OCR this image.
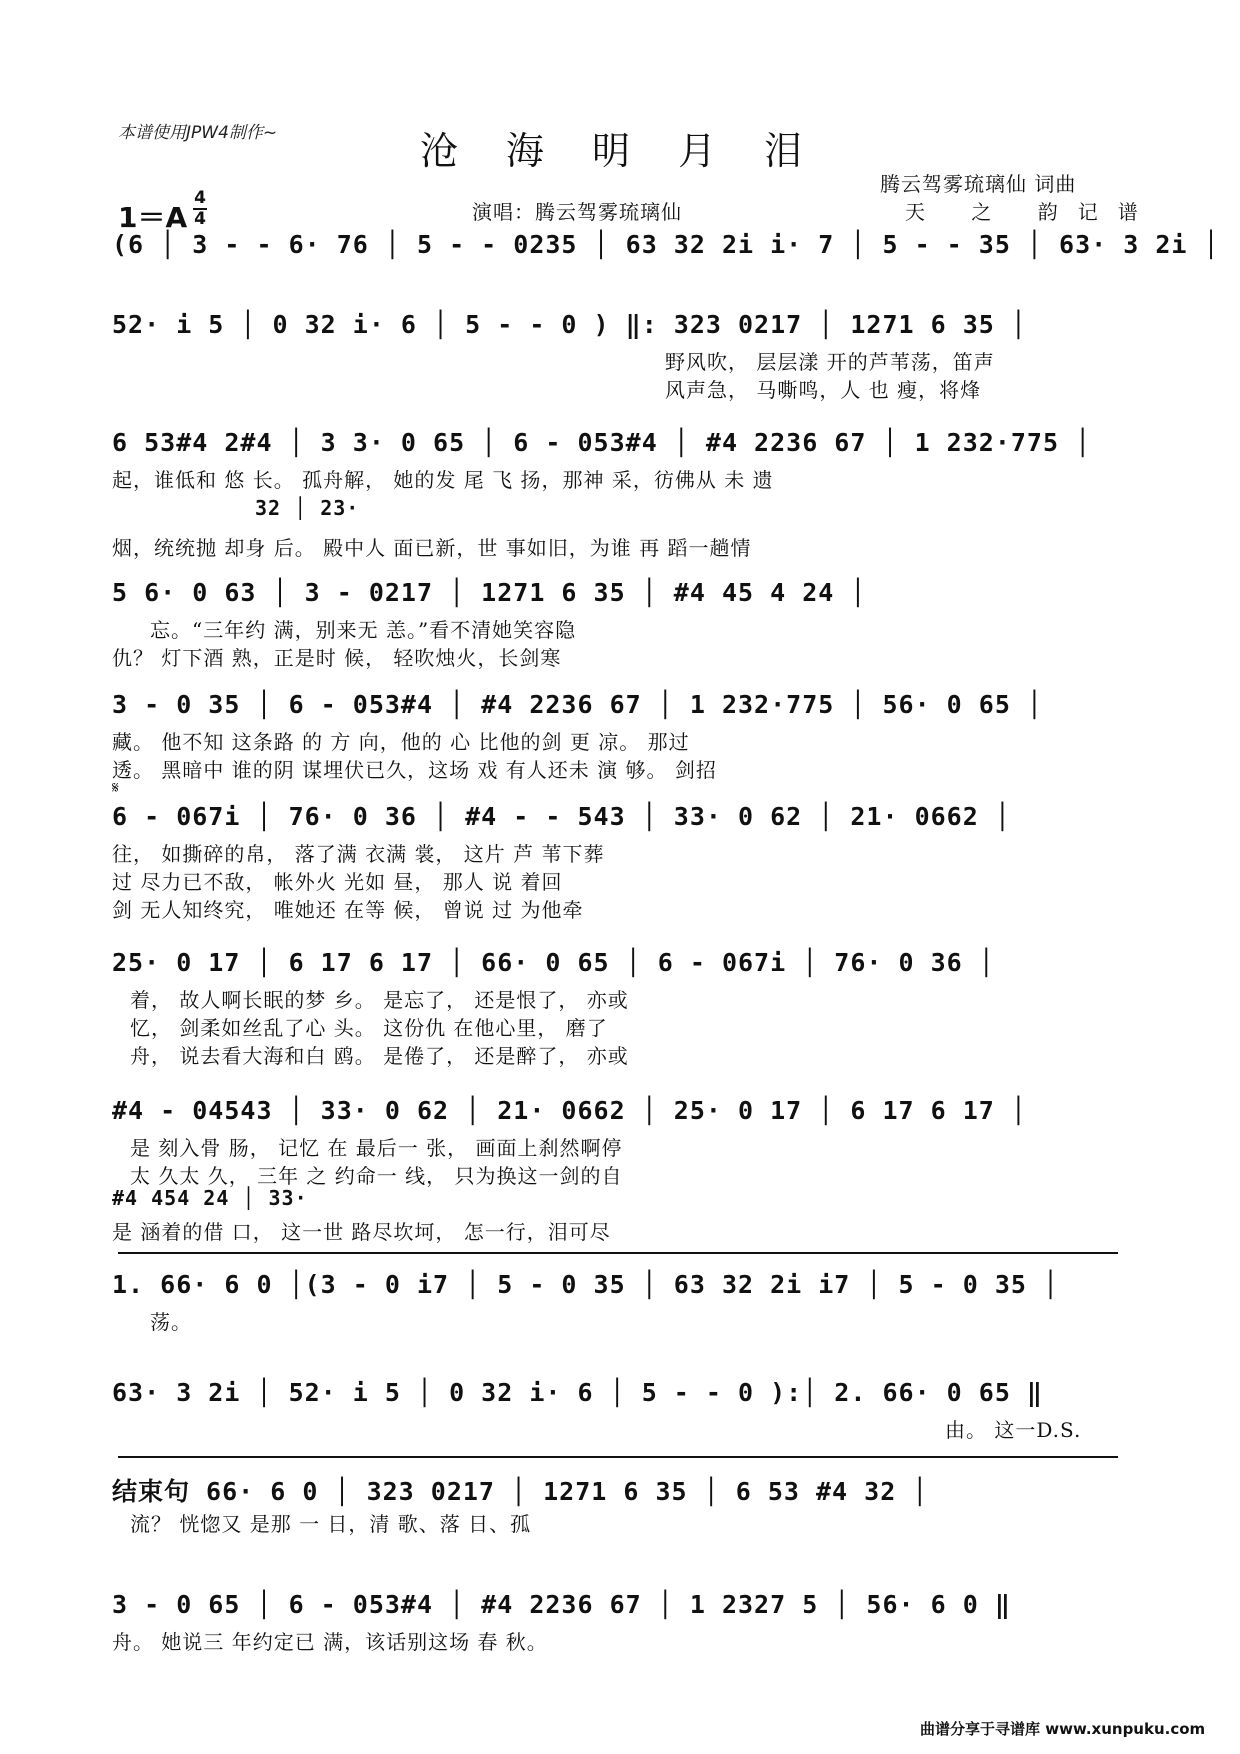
本谱使用JPW4制作~	沧 海 明 月 泪
腾云驾雾琉璃仙 词曲
演唱：腾云驾雾琉璃仙	天 之 韵记谱
1＝A
4
4
(6 │ 3 - - 6· 76 │ 5 - - 0235 │ 63 32 2i i· 7 │ 5 - - 35 │ 63· 3 2i │
52· i 5 │ 0 32 i· 6 │ 5 - - 0 ) ‖: 323 0217 │ 1271 6 35 │
野风吹， 层层漾 开的芦苇荡，笛声
风声急， 马嘶鸣，人 也 瘦，将烽
6 53#4 2#4 │ 3 3· 0 65 │ 6 - 053#4 │ #4 2236 67 │ 1 232·775 │
起，谁低和 悠 长。 孤舟解， 她的发 尾 飞 扬，那神 采，彷佛从 未 遗
32 │ 23·
烟，统统抛 却身 后。 殿中人 面已新，世 事如旧，为谁 再 蹈一趟情
5 6· 0 63 │ 3 - 0217 │ 1271 6 35 │ #4 45 4 24 │
忘。“三年约 满，别来无 恙。”看不清她笑容隐
仇？ 灯下酒 熟，正是时 候， 轻吹烛火，长剑寒
3 - 0 35 │ 6 - 053#4 │ #4 2236 67 │ 1 232·775 │ 56· 0 65 │
藏。 他不知 这条路 的 方 向，他的 心 比他的剑 更 凉。 那过
透。 黑暗中 谁的阴 谋埋伏已久，这场 戏 有人还未 演 够。 剑招
𝄋
6 - 067i │ 76· 0 36 │ #4 - - 543 │ 33· 0 62 │ 21· 0662 │
往， 如撕碎的帛， 落了满 衣满 裳， 这片 芦 苇下葬
过 尽力已不敌， 帐外火 光如 昼， 那人 说 着回
剑 无人知终究， 唯她还 在等 候， 曾说 过 为他牵
25· 0 17 │ 6 17 6 17 │ 66· 0 65 │ 6 - 067i │ 76· 0 36 │
着， 故人啊长眠的梦 乡。 是忘了， 还是恨了， 亦或
忆， 剑柔如丝乱了心 头。 这份仇 在他心里， 磨了
舟， 说去看大海和白 鸥。 是倦了， 还是醉了， 亦或
#4 - 04543 │ 33· 0 62 │ 21· 0662 │ 25· 0 17 │ 6 17 6 17 │
是 刻入骨 肠， 记忆 在 最后一 张， 画面上刹然啊停
太 久太 久， 三年 之 约命一 线， 只为换这一剑的自
#4 454 24 │ 33·
是 涵着的借 口， 这一世 路尽坎坷， 怎一行，泪可尽
1. 66· 6 0 │(3 - 0 i7 │ 5 - 0 35 │ 63 32 2i i7 │ 5 - 0 35 │
荡。
63· 3 2i │ 52· i 5 │ 0 32 i· 6 │ 5 - - 0 ):│ 2. 66· 0 65 ‖
由。 这一D.S.
结束句 66· 6 0 │ 323 0217 │ 1271 6 35 │ 6 53 #4 32 │
流？ 恍惚又 是那 一 日，清 歌、落 日、孤
3 - 0 65 │ 6 - 053#4 │ #4 2236 67 │ 1 2327 5 │ 56· 6 0 ‖
舟。 她说三 年约定已 满，该话别这场 春 秋。
曲谱分享于寻谱库 www.xunpuku.com
